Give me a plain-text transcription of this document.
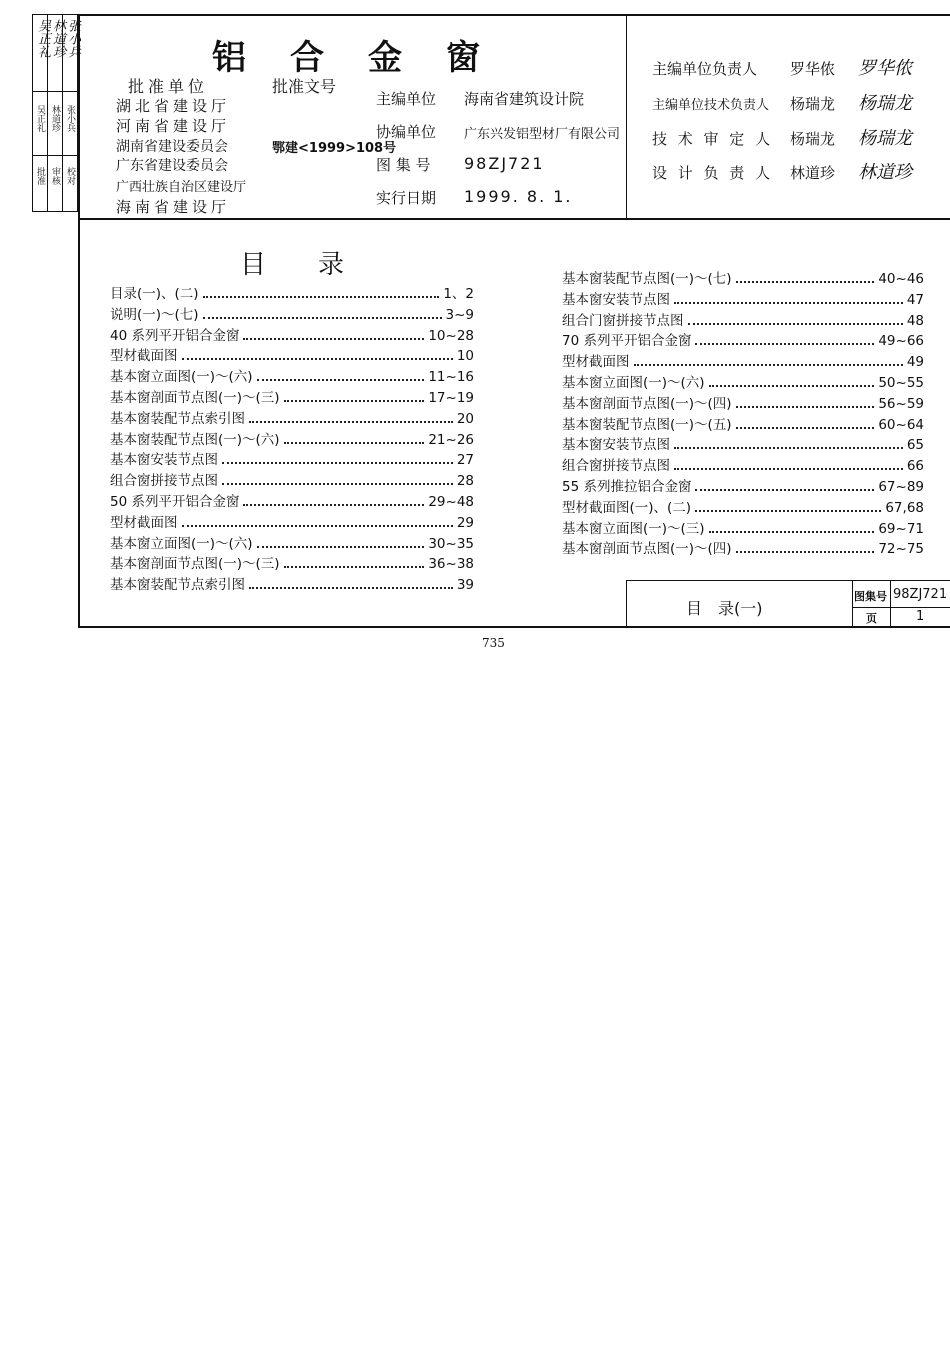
吴正礼 林道珍 张小兵
吴正礼 林道珍 张小兵
批准 审核 校对
铝合金窗
批准单位	批准文号
湖北省建设厅
河南省建设厅
湖南省建设委员会
广东省建设委员会
广西壮族自治区建设厅
海南省建设厅
鄂建<1999>108号
主编单位 海南省建筑设计院
协编单位 广东兴发铝型材厂有限公司
图 集 号 98ZJ721
实行日期 1999. 8. 1.
主编单位负责人 罗华侬 罗华侬
主编单位技术负责人 杨瑞龙 杨瑞龙
技 术 审 定 人 杨瑞龙 杨瑞龙
设 计 负 责 人 林道珍 林道珍
目　　录
目录(一)、(二)	1、2
说明(一)～(七)	3~9
40 系列平开铝合金窗	10~28
型材截面图	10
基本窗立面图(一)～(六)	11~16
基本窗剖面节点图(一)～(三)	17~19
基本窗装配节点索引图	20
基本窗装配节点图(一)～(六)	21~26
基本窗安装节点图	27
组合窗拼接节点图	28
50 系列平开铝合金窗	29~48
型材截面图	29
基本窗立面图(一)～(六)	30~35
基本窗剖面节点图(一)～(三)	36~38
基本窗装配节点索引图	39
基本窗装配节点图(一)～(七)	40~46
基本窗安装节点图	47
组合门窗拼接节点图	48
70 系列平开铝合金窗	49~66
型材截面图	49
基本窗立面图(一)～(六)	50~55
基本窗剖面节点图(一)～(四)	56~59
基本窗装配节点图(一)～(五)	60~64
基本窗安装节点图	65
组合窗拼接节点图	66
55 系列推拉铝合金窗	67~89
型材截面图(一)、(二)	67,68
基本窗立面图(一)～(三)	69~71
基本窗剖面节点图(一)～(四)	72~75
目　录(一)
图集号 98ZJ721
页	1
735
